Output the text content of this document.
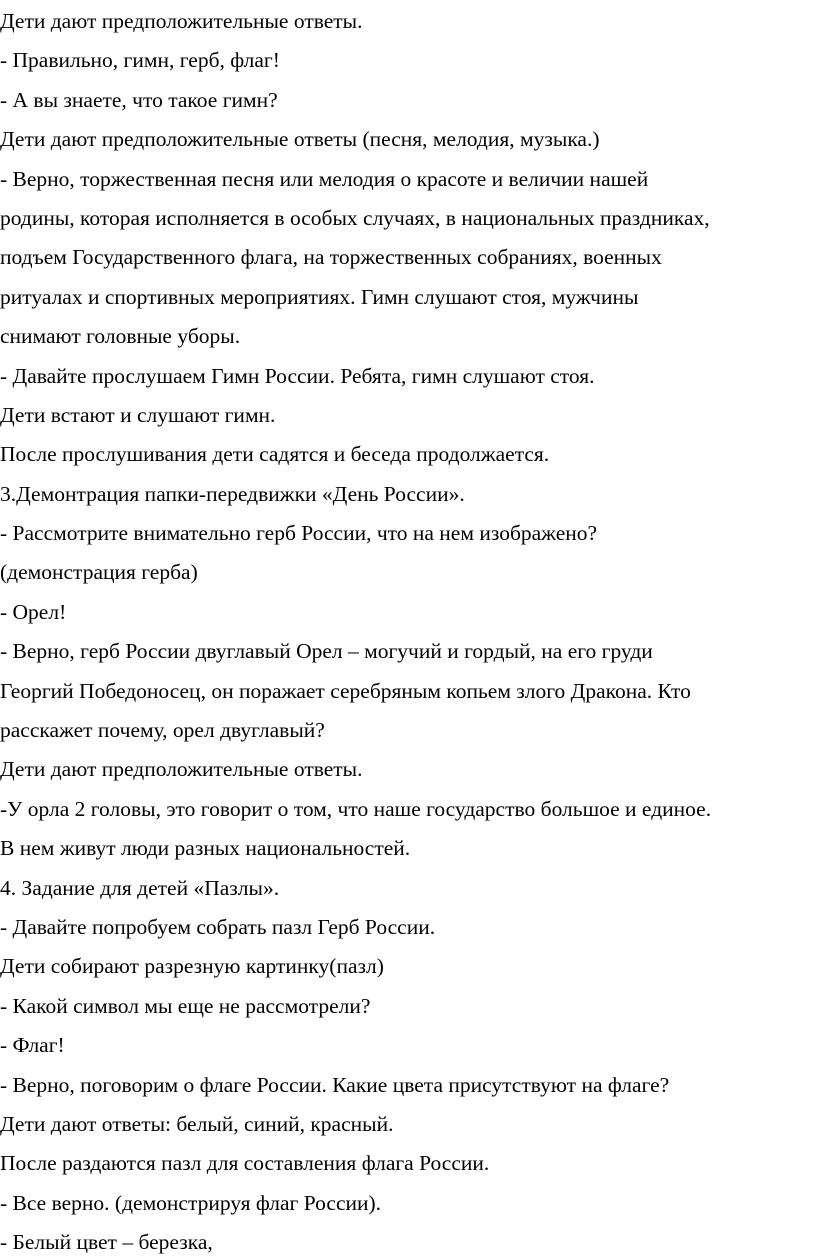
Дети дают предположительные ответы.
- Правильно, гимн, герб, флаг!
- А вы знаете, что такое гимн?
Дети дают предположительные ответы (песня, мелодия, музыка.)
- Верно, торжественная песня или мелодия о красоте и величии нашей
родины, которая исполняется в особых случаях, в национальных праздниках,
подъем Государственного флага, на торжественных собраниях, военных
ритуалах и спортивных мероприятиях. Гимн слушают стоя, мужчины
снимают головные уборы.
- Давайте прослушаем Гимн России. Ребята, гимн слушают стоя.
Дети встают и слушают гимн.
После прослушивания дети садятся и беседа продолжается.
3.Демонтрация папки-передвижки «День России».
- Рассмотрите внимательно герб России, что на нем изображено?
(демонстрация герба)
- Орел!
- Верно, герб России двуглавый Орел – могучий и гордый, на его груди
Георгий Победоносец, он поражает серебряным копьем злого Дракона. Кто
расскажет почему, орел двуглавый?
Дети дают предположительные ответы.
-У орла 2 головы, это говорит о том, что наше государство большое и единое.
В нем живут люди разных национальностей.
4. Задание для детей «Пазлы».
- Давайте попробуем собрать пазл Герб России.
Дети собирают разрезную картинку(пазл)
- Какой символ мы еще не рассмотрели?
- Флаг!
- Верно, поговорим о флаге России. Какие цвета присутствуют на флаге?
Дети дают ответы: белый, синий, красный.
После раздаются пазл для составления флага России.
- Все верно. (демонстрируя флаг России).
- Белый цвет – березка,
